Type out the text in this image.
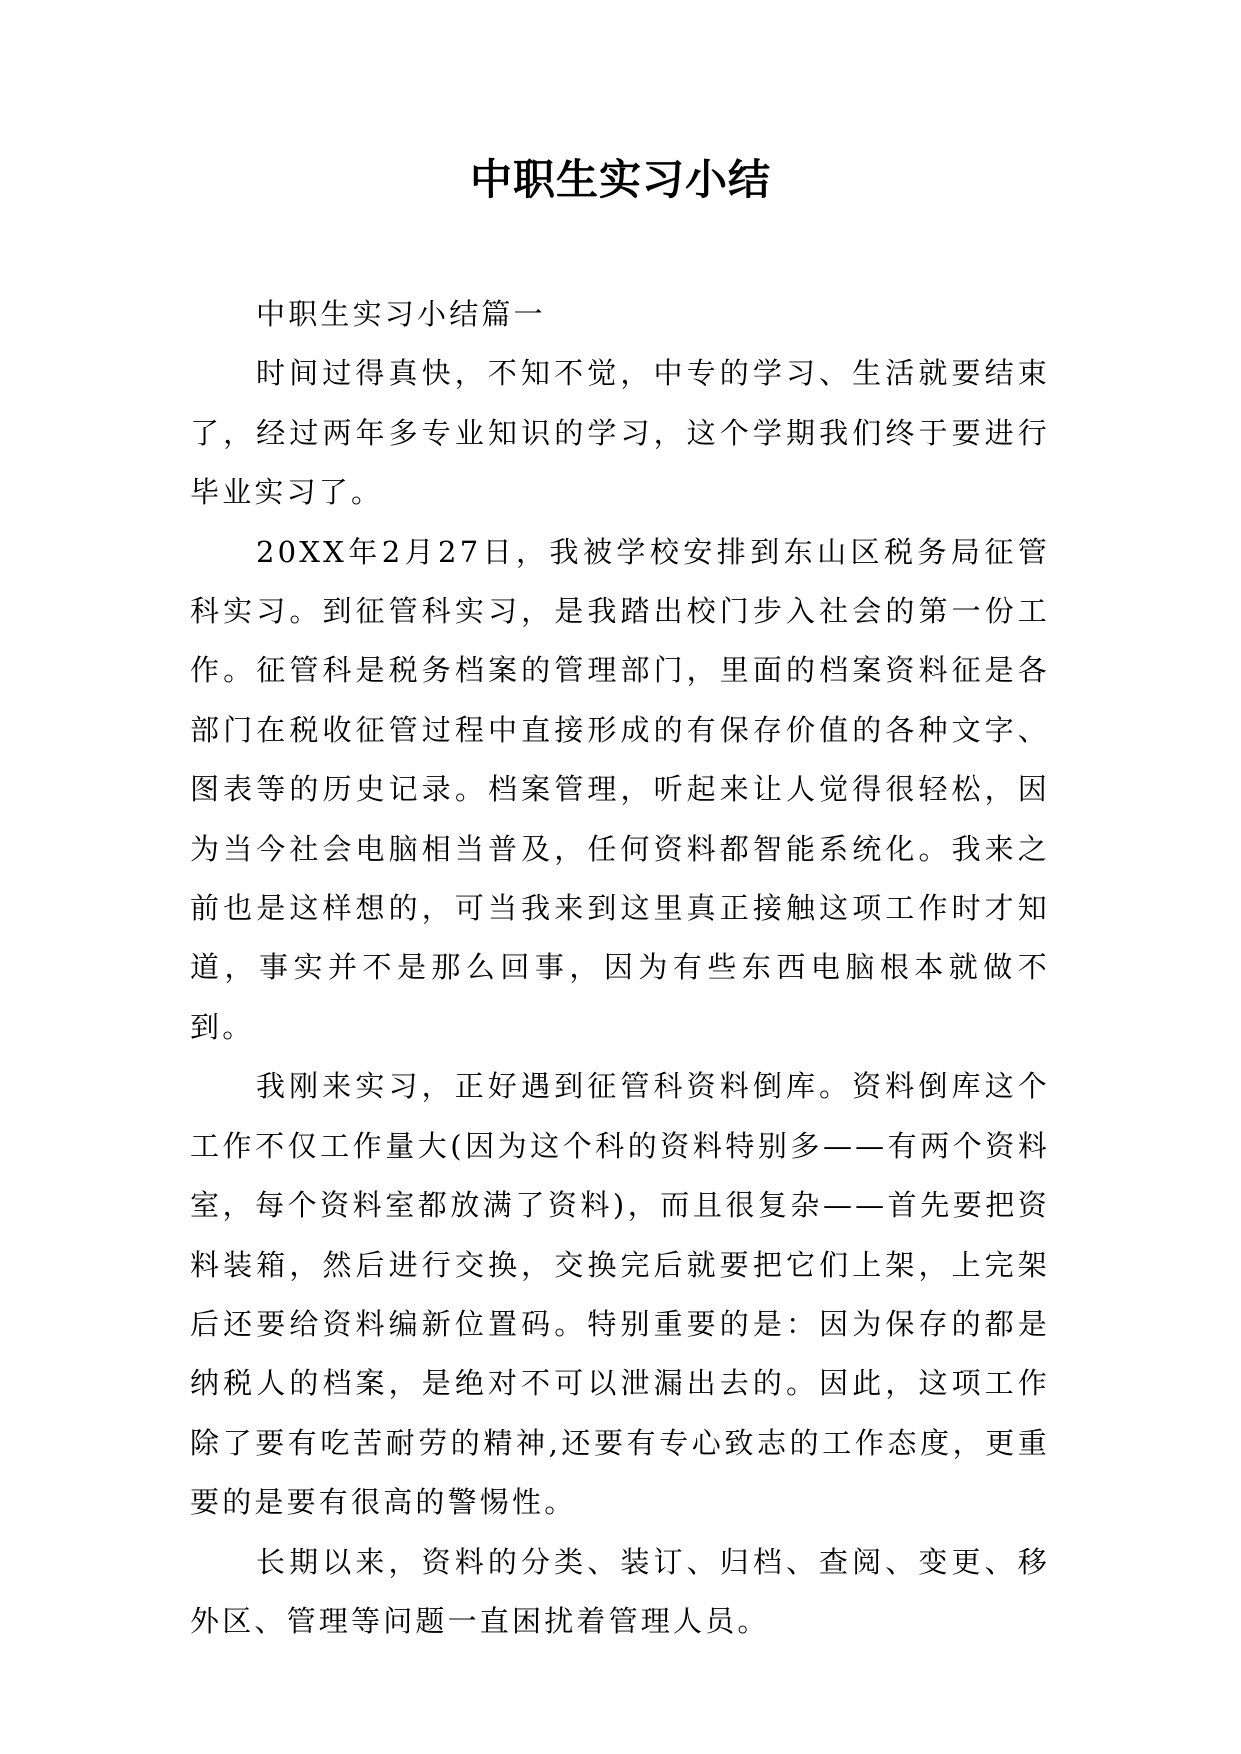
中职生实习小结

中职生实习小结篇一

时间过得真快，不知不觉，中专的学习、生活就要结束了，经过两年多专业知识的学习，这个学期我们终于要进行毕业实习了。

20XX年2月27日，我被学校安排到东山区税务局征管科实习。到征管科实习，是我踏出校门步入社会的第一份工作。征管科是税务档案的管理部门，里面的档案资料征是各部门在税收征管过程中直接形成的有保存价值的各种文字、图表等的历史记录。档案管理，听起来让人觉得很轻松，因为当今社会电脑相当普及，任何资料都智能系统化。我来之前也是这样想的，可当我来到这里真正接触这项工作时才知道，事实并不是那么回事，因为有些东西电脑根本就做不到。

我刚来实习，正好遇到征管科资料倒库。资料倒库这个工作不仅工作量大(因为这个科的资料特别多——有两个资料室，每个资料室都放满了资料)，而且很复杂——首先要把资料装箱，然后进行交换，交换完后就要把它们上架，上完架后还要给资料编新位置码。特别重要的是：因为保存的都是纳税人的档案，是绝对不可以泄漏出去的。因此，这项工作除了要有吃苦耐劳的精神,还要有专心致志的工作态度，更重要的是要有很高的警惕性。

长期以来，资料的分类、装订、归档、查阅、变更、移外区、管理等问题一直困扰着管理人员。
